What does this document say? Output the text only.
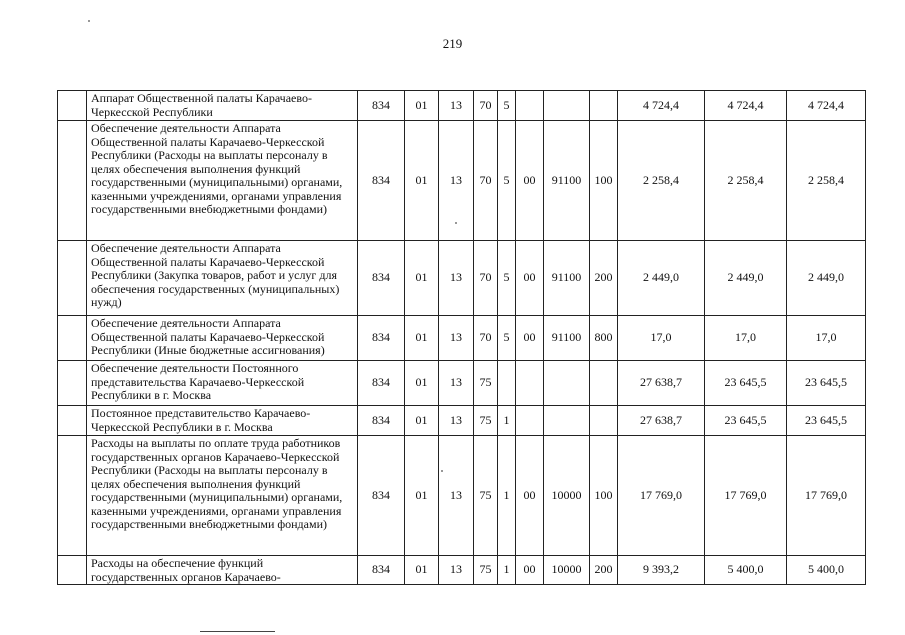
219
	Аппарат Общественной палаты Карачаево-Черкесской Республики	834	01	13	70	5				4 724,4	4 724,4	4 724,4
	Обеспечение деятельности Аппарата Общественной палаты Карачаево-Черкесской Республики (Расходы на выплаты персоналу в целях обеспечения выполнения функций государственными (муниципальными) органами, казенными учреждениями, органами управления государственными внебюджетными фондами)	834	01	13	70	5	00	91100	100	2 258,4	2 258,4	2 258,4
	Обеспечение деятельности Аппарата Общественной палаты Карачаево-Черкесской Республики (Закупка товаров, работ и услуг для обеспечения государственных (муниципальных) нужд)	834	01	13	70	5	00	91100	200	2 449,0	2 449,0	2 449,0
	Обеспечение деятельности Аппарата Общественной палаты Карачаево-Черкесской Республики (Иные бюджетные ассигнования)	834	01	13	70	5	00	91100	800	17,0	17,0	17,0
	Обеспечение деятельности Постоянного представительства Карачаево-Черкесской Республики в г. Москва	834	01	13	75					27 638,7	23 645,5	23 645,5
	Постоянное представительство Карачаево-Черкесской Республики в г. Москва	834	01	13	75	1				27 638,7	23 645,5	23 645,5
	Расходы на выплаты по оплате труда работников государственных органов Карачаево-Черкесской Республики (Расходы на выплаты персоналу в целях обеспечения выполнения функций государственными (муниципальными) органами, казенными учреждениями, органами управления государственными внебюджетными фондами)	834	01	13	75	1	00	10000	100	17 769,0	17 769,0	17 769,0
	Расходы на обеспечение функций государственных органов Карачаево-	834	01	13	75	1	00	10000	200	9 393,2	5 400,0	5 400,0
